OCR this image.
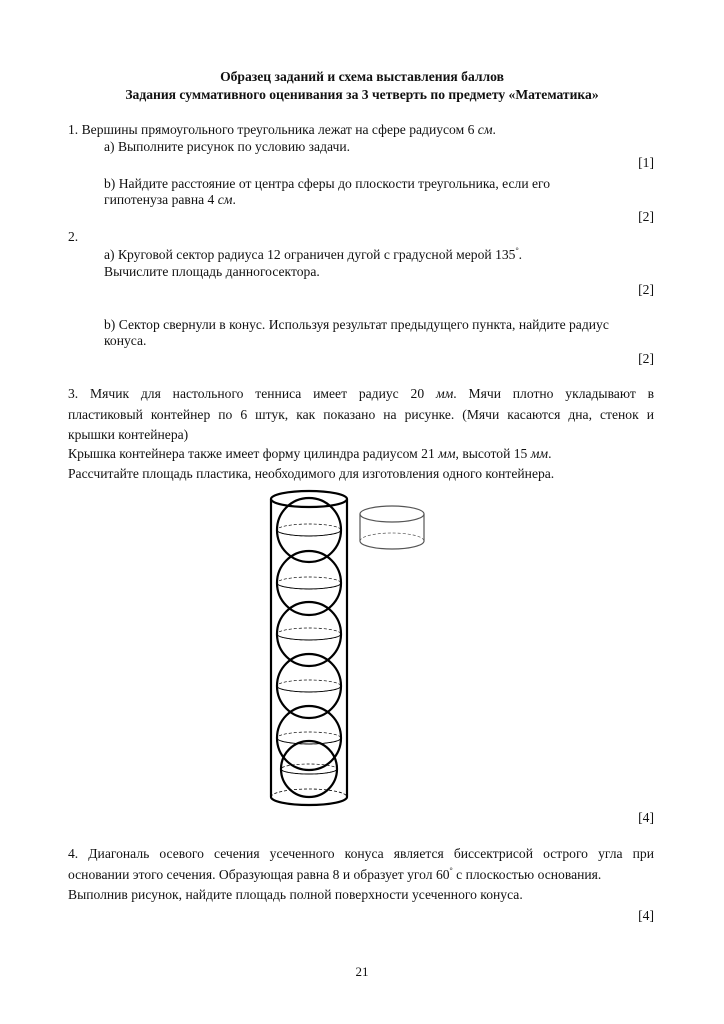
Образец заданий и схема выставления баллов
Задания суммативного оценивания за 3 четверть по предмету «Математика»
1. Вершины прямоугольного треугольника лежат на сфере радиусом 6 см.
а) Выполните рисунок по условию задачи.
[1]
b) Найдите расстояние от центра сферы до плоскости треугольника, если его
гипотенуза равна 4 см.
[2]
2.
а) Круговой сектор радиуса 12 ограничен дугой с градусной мерой 135°.
Вычислите площадь данногосектора.
[2]
b) Сектор свернули в конус. Используя результат предыдущего пункта, найдите радиус
конуса.
[2]
3. Мячик для настольного тенниса имеет радиус 20 мм. Мячи плотно укладывают в
пластиковый контейнер по 6 штук, как показано на рисунке. (Мячи касаются дна, стенок и
крышки контейнера)
Крышка контейнера также имеет форму цилиндра радиусом 21 мм, высотой 15 мм.
Рассчитайте площадь пластика, необходимого для изготовления одного контейнера.
[4]
4. Диагональ осевого сечения усеченного конуса является биссектрисой острого угла при
основании этого сечения. Образующая равна 8 и образует угол 60° с плоскостью основания.
Выполнив рисунок, найдите площадь полной поверхности усеченного конуса.
[4]
21
